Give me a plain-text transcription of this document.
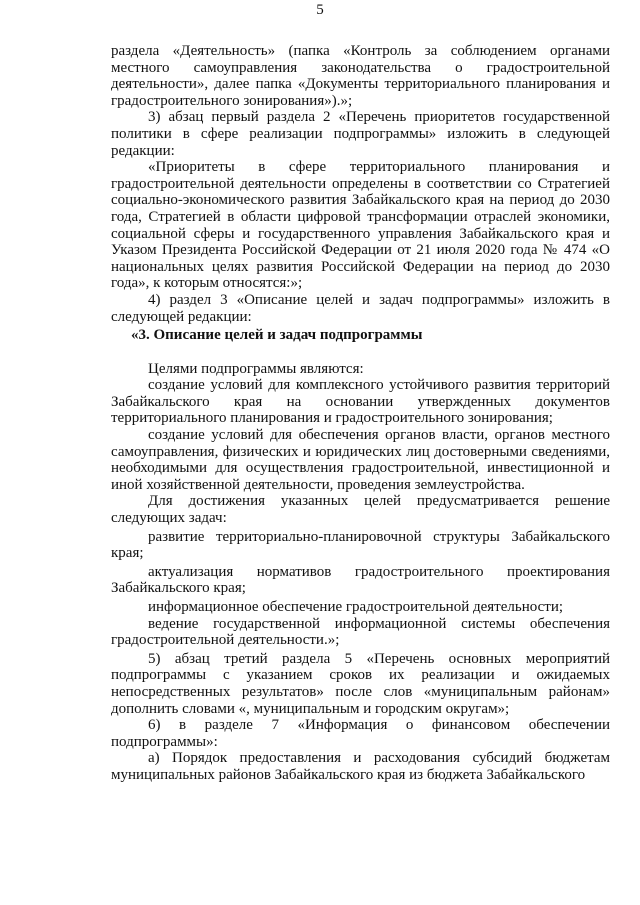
5

раздела «Деятельность» (папка «Контроль за соблюдением органами местного самоуправления законодательства о градостроительной деятельности», далее папка «Документы территориального планирования и градостроительного зонирования»).»;

3) абзац первый раздела 2 «Перечень приоритетов государственной политики в сфере реализации подпрограммы» изложить в следующей редакции:

«Приоритеты в сфере территориального планирования и градостроительной деятельности определены в соответствии со Стратегией социально-экономического развития Забайкальского края на период до 2030 года, Стратегией в области цифровой трансформации отраслей экономики, социальной сферы и государственного управления Забайкальского края и Указом Президента Российской Федерации от 21 июля 2020 года № 474 «О национальных целях развития Российской Федерации на период до 2030 года», к которым относятся:»;

4) раздел 3 «Описание целей и задач подпрограммы» изложить в следующей редакции:

«3. Описание целей и задач подпрограммы

Целями подпрограммы являются:

создание условий для комплексного устойчивого развития территорий Забайкальского края на основании утвержденных документов территориального планирования и градостроительного зонирования;

создание условий для обеспечения органов власти, органов местного самоуправления, физических и юридических лиц достоверными сведениями, необходимыми для осуществления градостроительной, инвестиционной и иной хозяйственной деятельности, проведения землеустройства.

Для достижения указанных целей предусматривается решение следующих задач:

развитие территориально-планировочной структуры Забайкальского края;

актуализация нормативов градостроительного проектирования Забайкальского края;

информационное обеспечение градостроительной деятельности;

ведение государственной информационной системы обеспечения градостроительной деятельности.»;

5) абзац третий раздела 5 «Перечень основных мероприятий подпрограммы с указанием сроков их реализации и ожидаемых непосредственных результатов» после слов «муниципальным районам» дополнить словами «, муниципальным и городским округам»;

6) в разделе 7 «Информация о финансовом обеспечении подпрограммы»:

а) Порядок предоставления и расходования субсидий бюджетам муниципальных районов Забайкальского края из бюджета Забайкальского
